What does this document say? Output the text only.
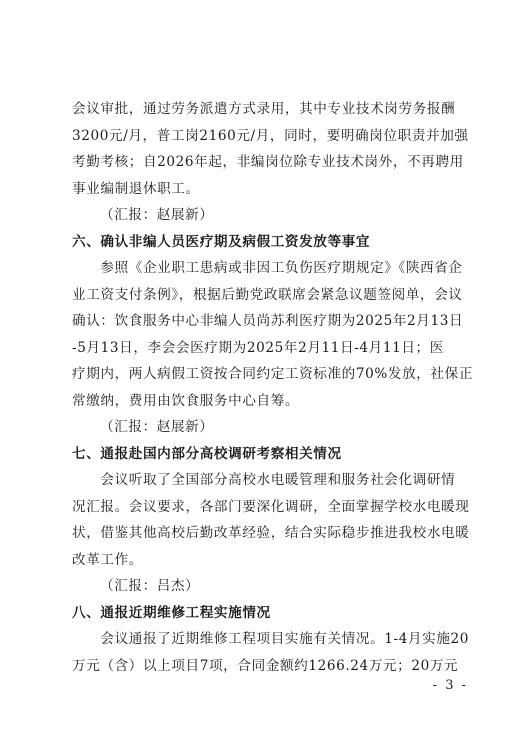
会议审批，通过劳务派遣方式录用，其中专业技术岗劳务报酬
3200元/月，普工岗2160元/月，同时，要明确岗位职责并加强
考勤考核；自2026年起，非编岗位除专业技术岗外，不再聘用
事业编制退休职工。
（汇报：赵展新）
六、确认非编人员医疗期及病假工资发放等事宜
　　参照《企业职工患病或非因工负伤医疗期规定》《陕西省企
业工资支付条例》，根据后勤党政联席会紧急议题签阅单，会议
确认：饮食服务中心非编人员尚苏利医疗期为2025年2月13日
-5月13日，李会会医疗期为2025年2月11日-4月11日；医
疗期内，两人病假工资按合同约定工资标准的70%发放，社保正
常缴纳，费用由饮食服务中心自筹。
（汇报：赵展新）
七、通报赴国内部分高校调研考察相关情况
　　会议听取了全国部分高校水电暖管理和服务社会化调研情
况汇报。会议要求，各部门要深化调研，全面掌握学校水电暖现
状，借鉴其他高校后勤改革经验，结合实际稳步推进我校水电暖
改革工作。
（汇报：吕杰）
八、通报近期维修工程实施情况
　　会议通报了近期维修工程项目实施有关情况。1-4月实施20
万元（含）以上项目7项，合同金额约1266.24万元；20万元
- 3 -
